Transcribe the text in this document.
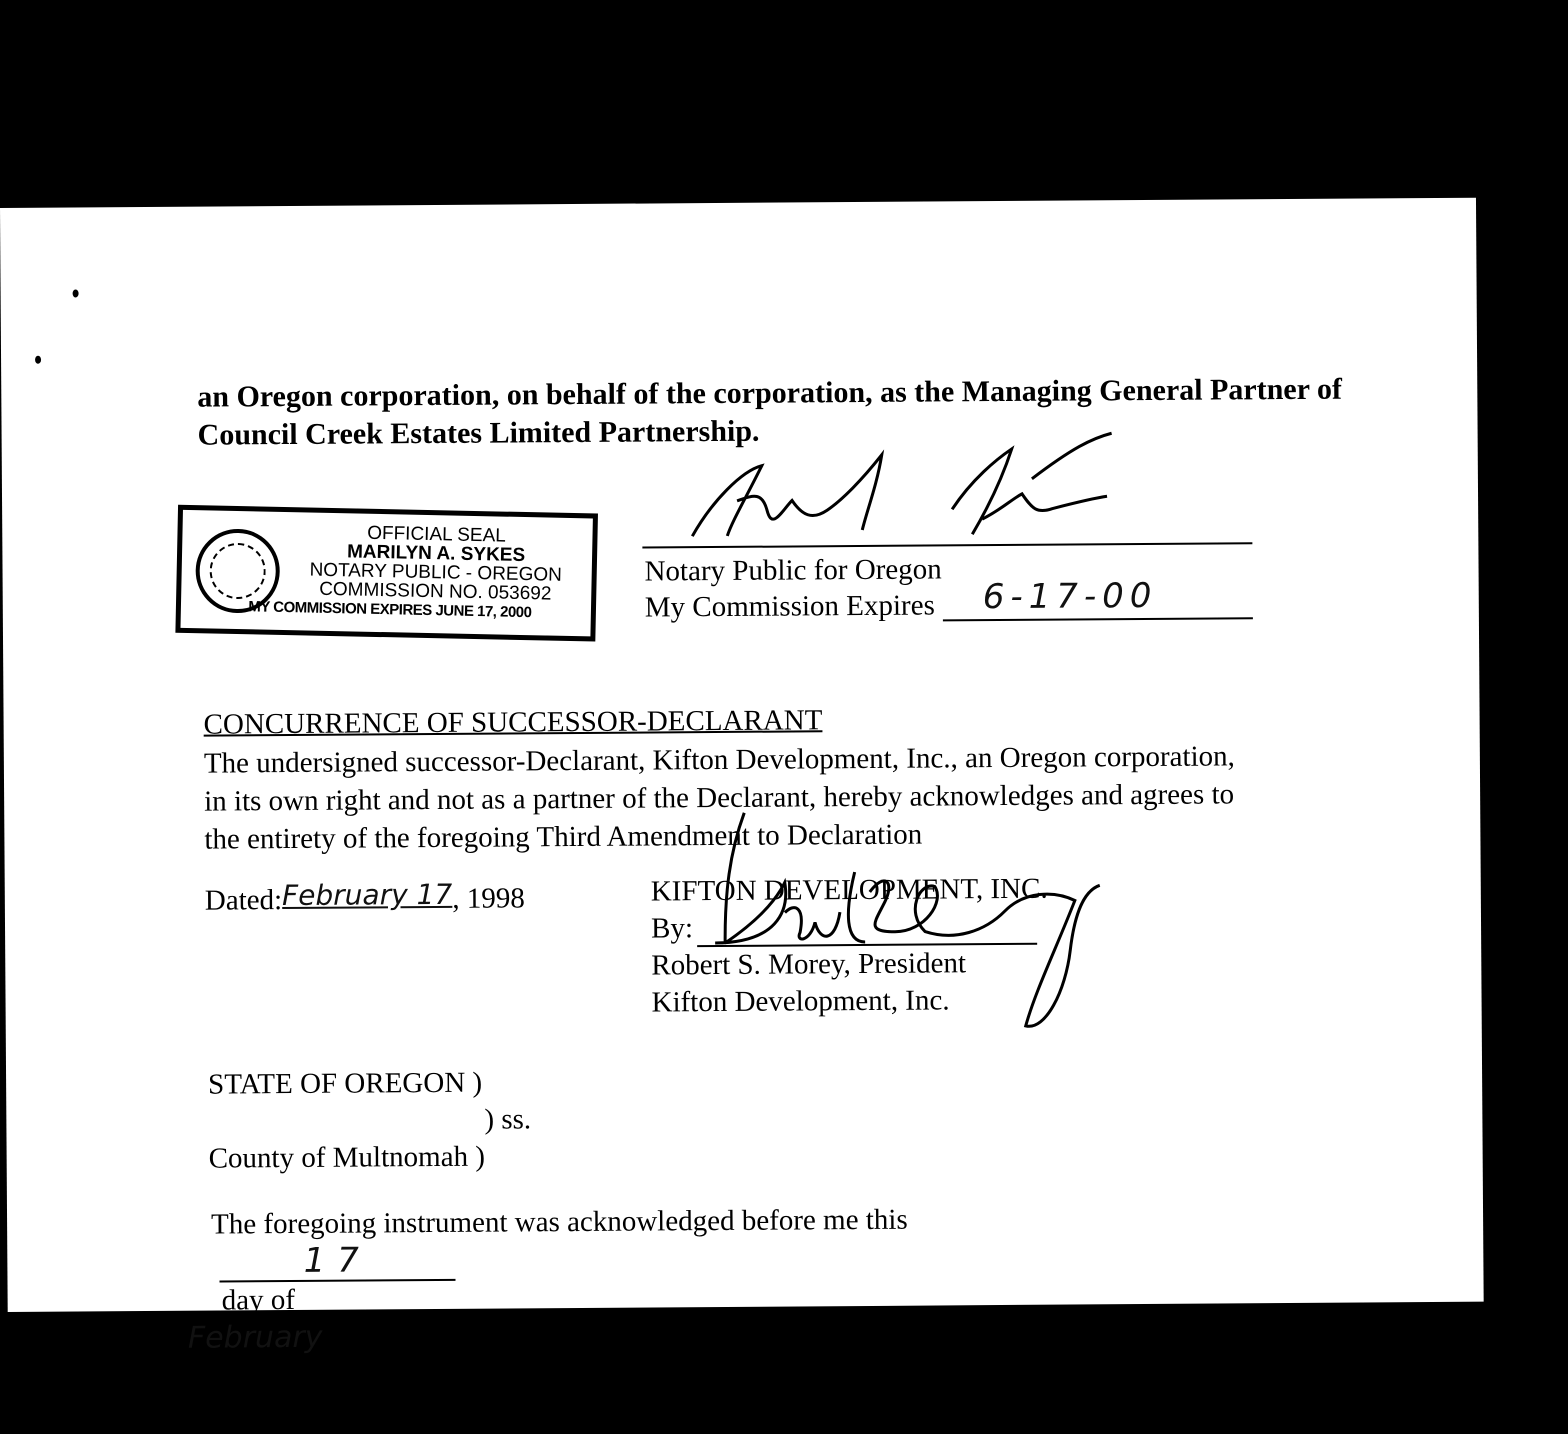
an Oregon corporation, on behalf of the corporation, as the Managing General Partner of
Council Creek Estates Limited Partnership.
OFFICIAL SEAL
MARILYN A. SYKES
NOTARY PUBLIC - OREGON
COMMISSION NO. 053692
MY COMMISSION EXPIRES JUNE 17, 2000
Notary Public for Oregon
My Commission Expires 6-17-00
CONCURRENCE OF SUCCESSOR-DECLARANT
The undersigned successor-Declarant, Kifton Development, Inc., an Oregon corporation,
in its own right and not as a partner of the Declarant, hereby acknowledges and agrees to
the entirety of the foregoing Third Amendment to Declaration
Dated:February 17, 1998	KIFTON DEVELOPMENT, INC.
By:
Robert S. Morey, President
Kifton Development, Inc.
STATE OF OREGON )
) ss.
County of Multnomah )
The foregoing instrument was acknowledged before me this
17
day of
February
, 1998, by Robert S. Morey as President of Kifton Development, Inc.,
an Oregon corporation, on behalf of the corporation in its own right.
